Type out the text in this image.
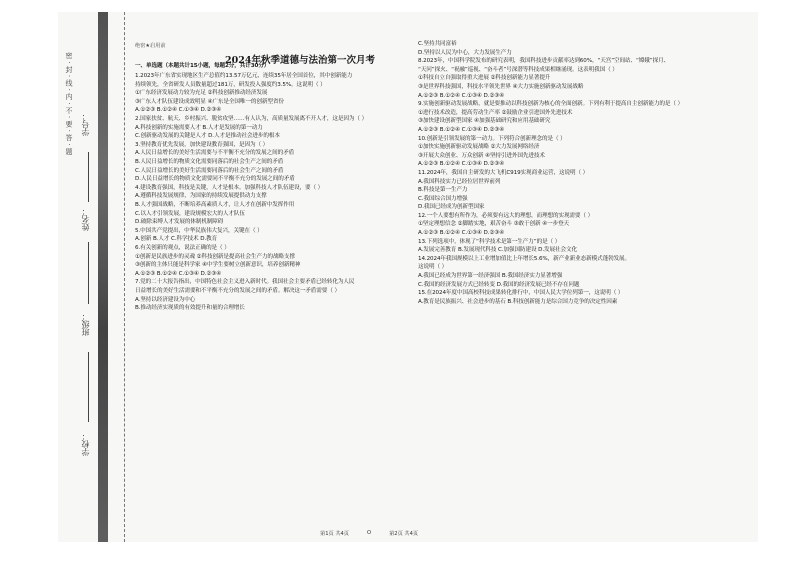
密 · 封 · 线 · 内 · 不 · 要 · 答 · 题
学校：
班级：
姓名：
学号：
绝密★启用前
2024年秋季道德与法治第一次月考
一、单选题（本题共计15小题，每题2分，共计30分）
1.2023年广东省实现地区生产总值约13.57万亿元，连续35年居全国首位，其中创新能力
持续领先，全省研发人员数量超过181万，研发投入强度约3.5%。这说明（ ）
①广东经济发展动力较为充足 ②科技创新推动经济发展
③广东人才队伍建设成效明显 ④广东是全国唯一的创新型省份
A.①②③ B.①②④ C.①③④ D.②③④
2.国家扶贫、航天、乡村振兴、脱贫攻坚……有人认为，高质量发展离不开人才，这是因为（ ）
A.科技创新的实施需要人才 B.人才是发展的第一动力
C.创新驱动发展的关键是人才 D.人才是推动社会进步的根本
3.坚持教育优先发展，加快建设教育强国，是因为（ ）
A.人民日益增长的美好生活需要与不平衡不充分的发展之间的矛盾
B.人民日益增长的物质文化需要同落后的社会生产之间的矛盾
C.人民日益增长的美好生活需要同落后的社会生产之间的矛盾
D.人民日益增长的物质文化需要同不平衡不充分的发展之间的矛盾
4.建设教育强国，科技是关键，人才是根本。加强科技人才队伍建设，要（ ）
A.遵循科技发展规律，为国家的持续发展提供动力支撑
B.人才强国战略，不断培养高素质人才，让人才在创新中发挥作用
C.以人才引领发展，建设规模宏大的人才队伍
D.破除束缚人才发展的体制机制障碍
5.中国共产党提出，中华民族伟大复兴，关键在（ ）
A.创新 B.人才 C.科学技术 D.教育
6.有关创新的观点，说法正确的是（ ）
①创新是民族进步的灵魂 ②科技创新是提高社会生产力的战略支撑
③创新的主体只能是科学家 ④中学生要树立创新意识，培养创新精神
A.①②③ B.①②④ C.①③④ D.②③④
7.党的二十大报告指出，中国特色社会主义进入新时代。我国社会主要矛盾已经转化为人民
日益增长的美好生活需要和不平衡不充分的发展之间的矛盾。解决这一矛盾需要（ ）
A.坚持以经济建设为中心
B.推动经济实现质的有效提升和量的合理增长
C.坚持共同富裕
D.坚持以人民为中心，大力发展生产力
8.2023年，中国科学院发布的研究表明，我国科技进步贡献率达到60%，“天宫”空间站、“嫦娥”探月、
“天问”探火、“祝融”巡视、“奋斗者”号深潜等科技成果相继涌现。这表明我国（ ）
①科技自立自强取得重大进展 ②科技创新能力显著提升
③是世界科技强国，科技水平领先世界 ④大力实施创新驱动发展战略
A.①②③ B.①②④ C.①③④ D.②③④
9.实施创新驱动发展战略，就是要推动以科技创新为核心的全面创新。下列有利于提高自主创新能力的是（ ）
①进行技术改造，提高劳动生产率 ②鼓励企业引进国外先进技术
③加快建设创新型国家 ④加强基础研究和应用基础研究
A.①②③ B.①②④ C.①③④ D.②③④
10.创新是引领发展的第一动力。下列符合创新理念的是（ ）
①加快实施创新驱动发展战略 ②大力发展网络经济
③开展大众创业、万众创新 ④坚持引进外国先进技术
A.①②③ B.①②④ C.①③④ D.②③④
11.2024年，我国自主研发的大飞机C919实现商业运营，这说明（ ）
A.我国科技实力已经位居世界前列
B.科技是第一生产力
C.我国综合国力增强
D.我国已经成为创新型国家
12.一个人要想有所作为，必须要有远大的理想，而理想的实现需要（ ）
①坚定理想信念 ②脚踏实地，艰苦奋斗 ③敢于创新 ④一步登天
A.①②③ B.①②④ C.①③④ D.②③④
13.下列选项中，体现了“科学技术是第一生产力”的是（ ）
A.发展完善教育 B.发展现代科技 C.加强国防建设 D.发展社会文化
14.2024年我国规模以上工业增加值比上年增长5.6%，新产业新业态新模式蓬勃发展。
这说明（ ）
A.我国已经成为世界第一经济强国 B.我国经济实力显著增强
C.我国的经济发展方式已经转变 D.我国的经济发展已经不存在问题
15.在2024年度中国高校科技成果转化排行中，中国人民大学位列第一，这说明（ ）
A.教育是民族振兴、社会进步的基石 B.科技创新能力是综合国力竞争的决定性因素
第1页 共4页	O	第2页 共4页
